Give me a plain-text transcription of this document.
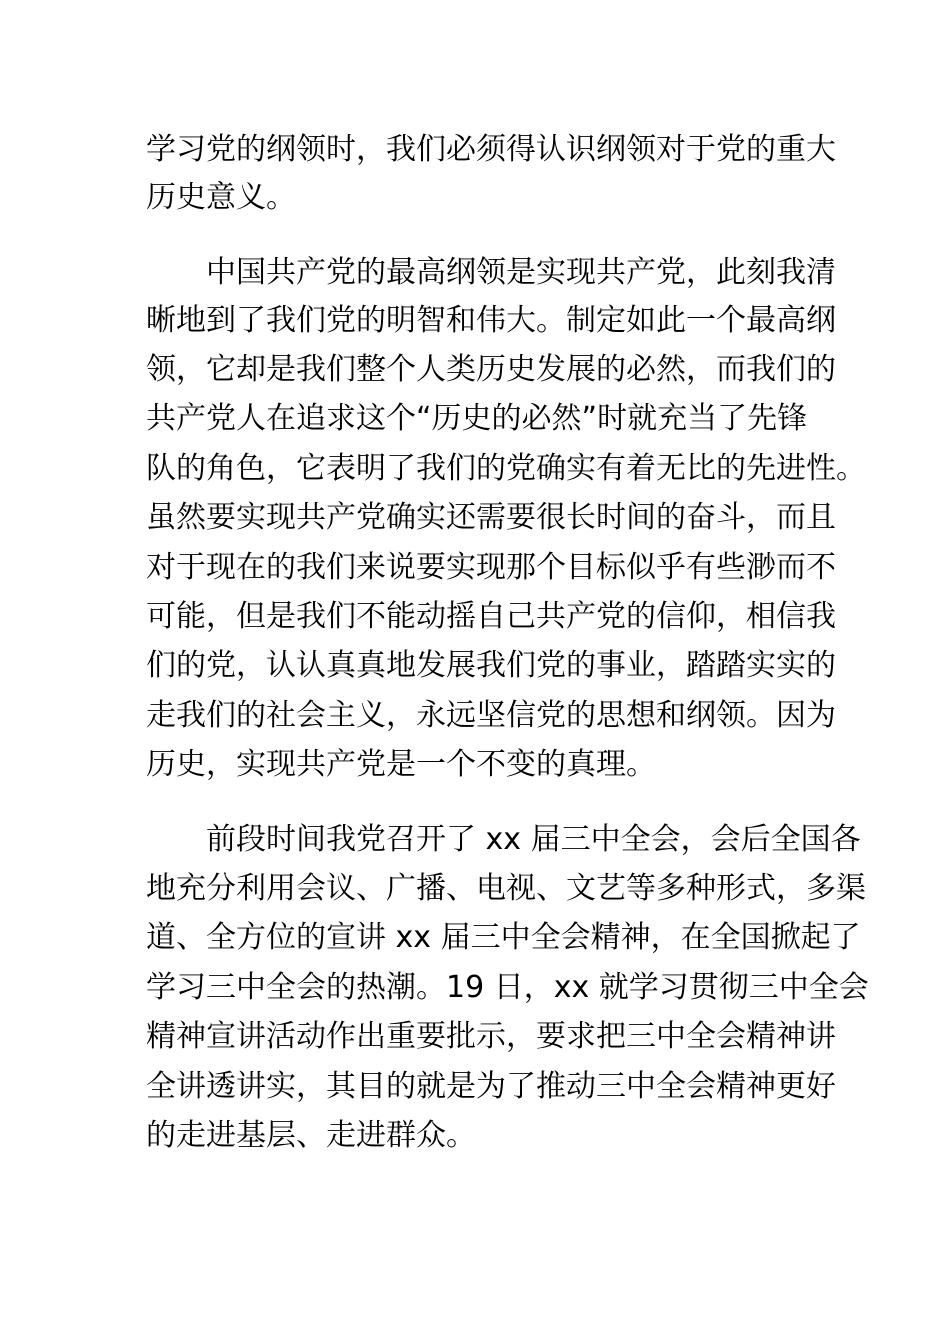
学习党的纲领时，我们必须得认识纲领对于党的重大
历史意义。
中国共产党的最高纲领是实现共产党，此刻我清
晰地到了我们党的明智和伟大。制定如此一个最高纲
领，它却是我们整个人类历史发展的必然，而我们的
共产党人在追求这个“历史的必然”时就充当了先锋
队的角色，它表明了我们的党确实有着无比的先进性。
虽然要实现共产党确实还需要很长时间的奋斗，而且
对于现在的我们来说要实现那个目标似乎有些渺而不
可能，但是我们不能动摇自己共产党的信仰，相信我
们的党，认认真真地发展我们党的事业，踏踏实实的
走我们的社会主义，永远坚信党的思想和纲领。因为
历史，实现共产党是一个不变的真理。
前段时间我党召开了 xx 届三中全会，会后全国各
地充分利用会议、广播、电视、文艺等多种形式，多渠
道、全方位的宣讲 xx 届三中全会精神，在全国掀起了
学习三中全会的热潮。19 日，xx 就学习贯彻三中全会
精神宣讲活动作出重要批示，要求把三中全会精神讲
全讲透讲实，其目的就是为了推动三中全会精神更好
的走进基层、走进群众。
